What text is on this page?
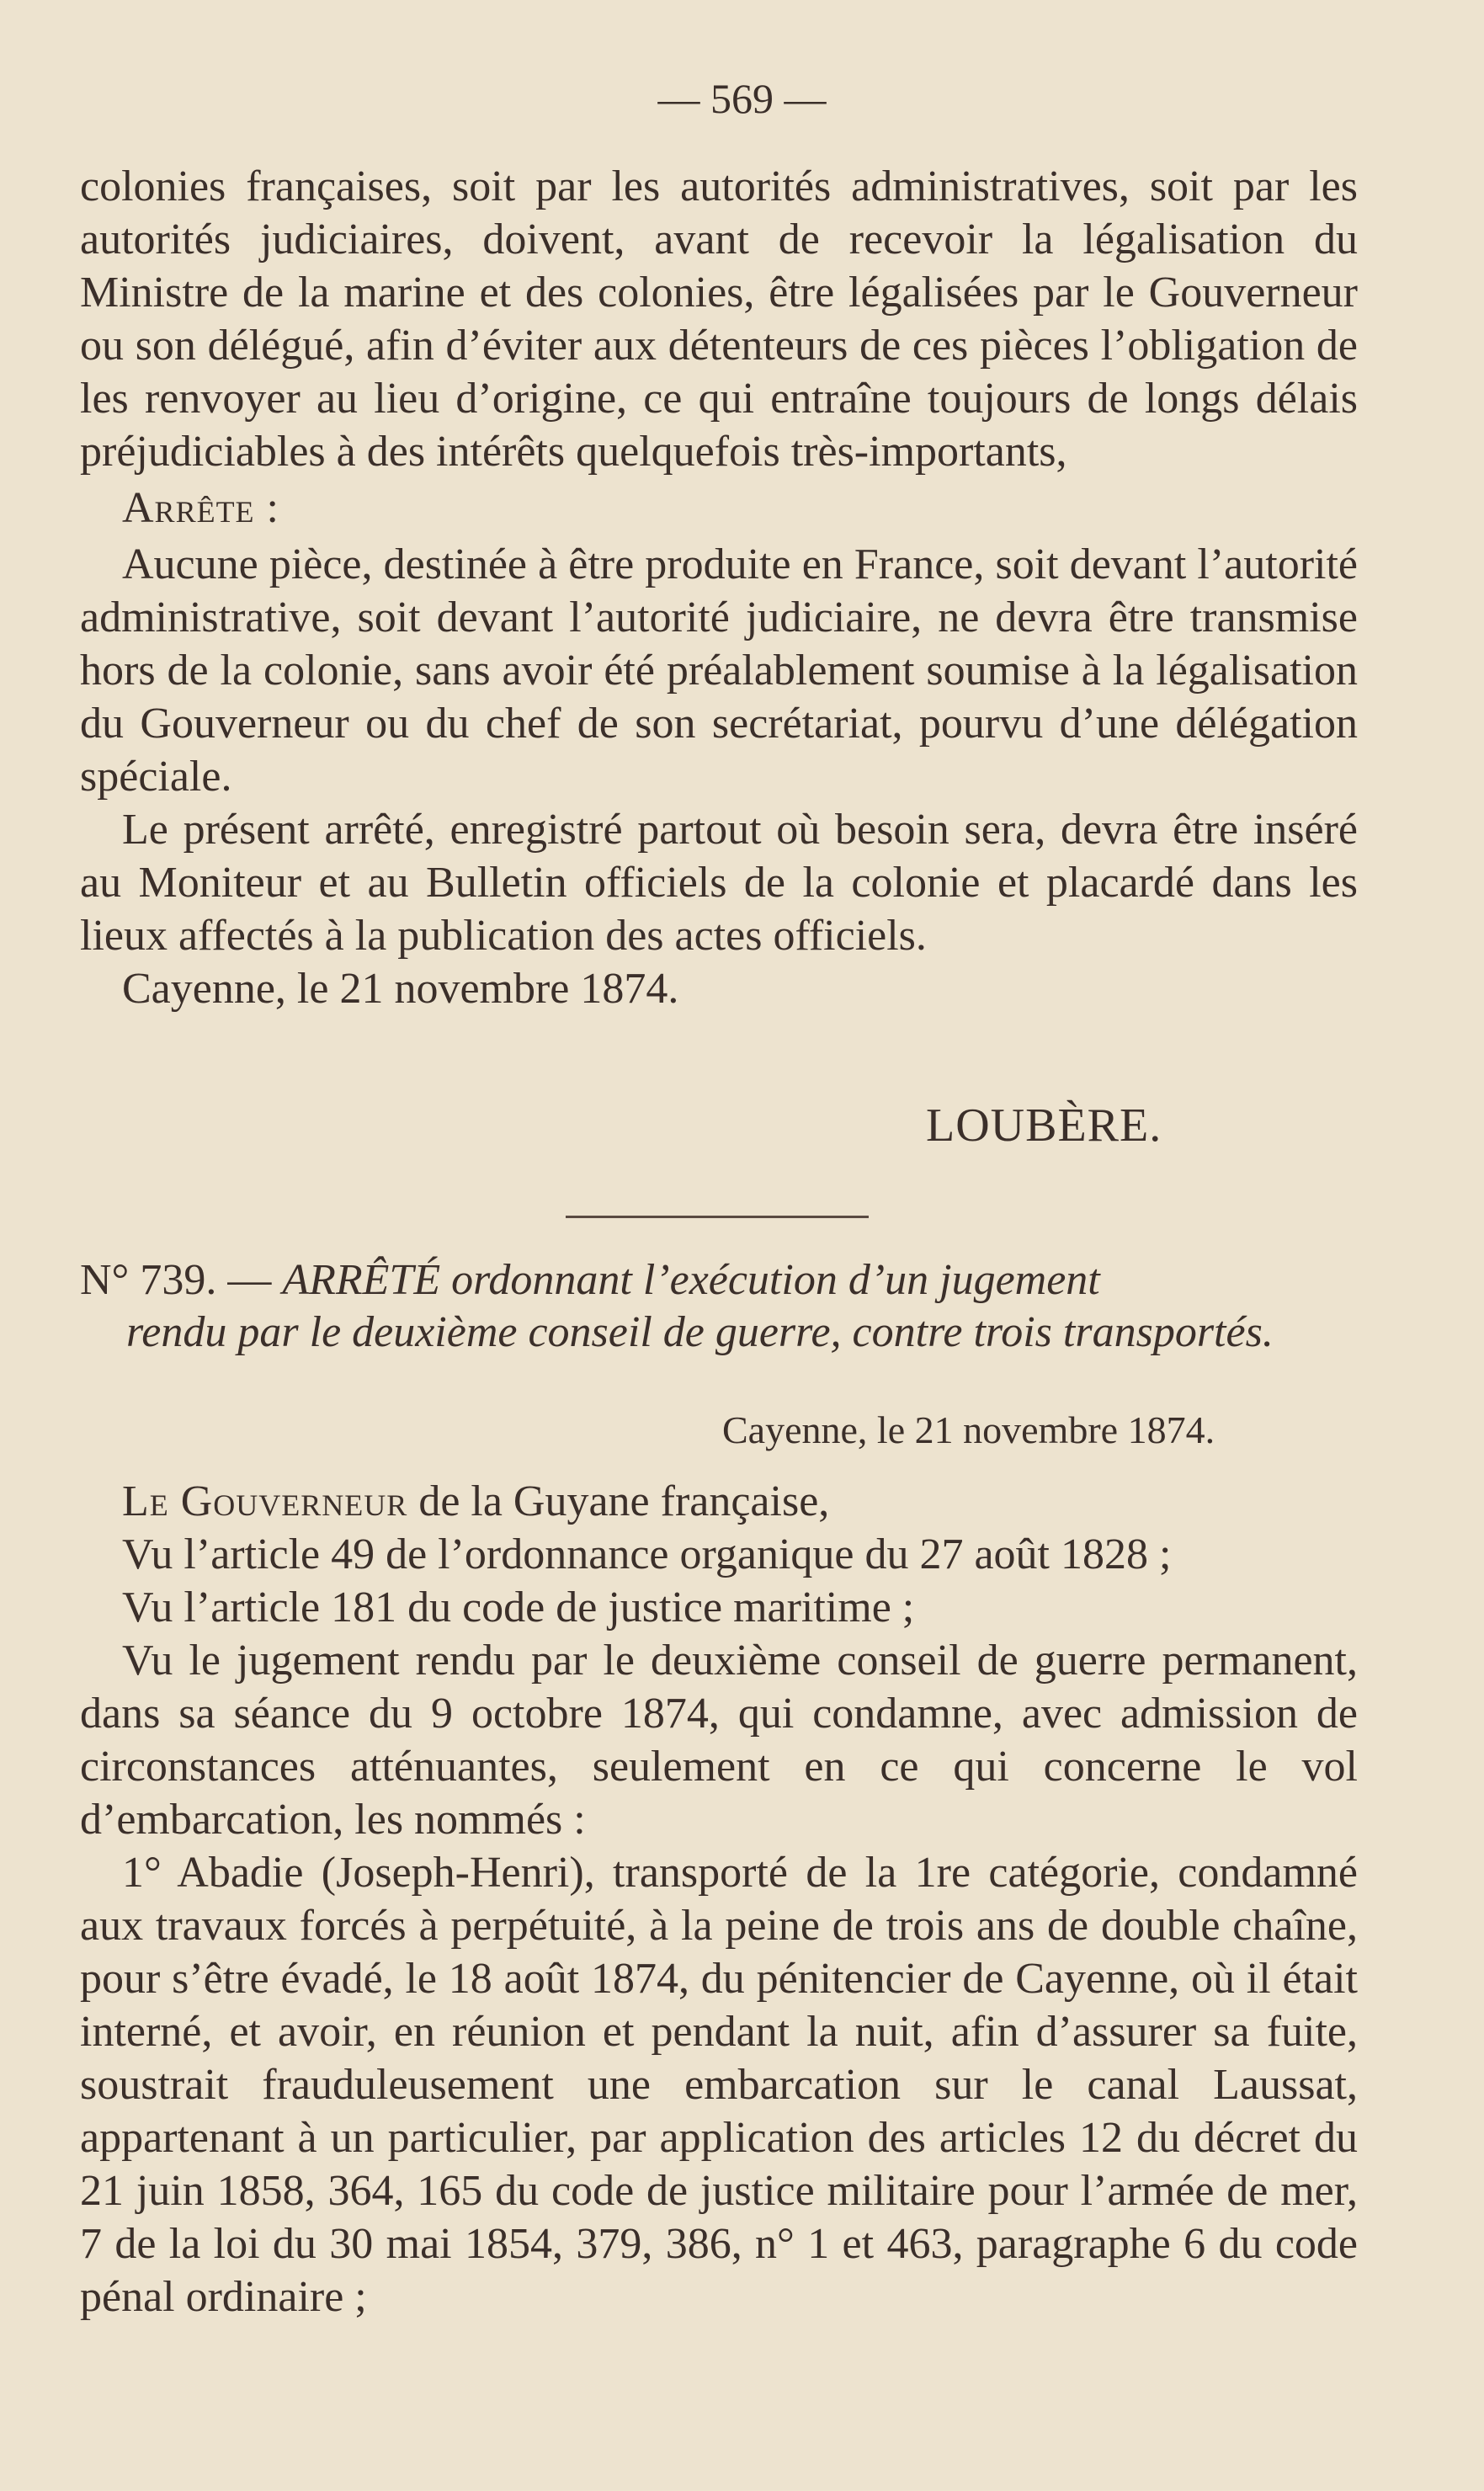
— 569 —
colonies françaises, soit par les autorités administratives, soit par les autorités judiciaires, doivent, avant de recevoir la légalisation du Ministre de la marine et des colonies, être légalisées par le Gouverneur ou son délégué, afin d’éviter aux détenteurs de ces pièces l’obligation de les renvoyer au lieu d’origine, ce qui entraîne toujours de longs délais préjudiciables à des intérêts quelquefois très-importants,
Arrête :
Aucune pièce, destinée à être produite en France, soit devant l’autorité administrative, soit devant l’autorité judiciaire, ne devra être transmise hors de la colonie, sans avoir été préalablement soumise à la légalisation du Gouverneur ou du chef de son secrétariat, pourvu d’une délégation spéciale.
Le présent arrêté, enregistré partout où besoin sera, devra être inséré au Moniteur et au Bulletin officiels de la colonie et placardé dans les lieux affectés à la publication des actes officiels.
Cayenne, le 21 novembre 1874.
LOUBÈRE.
N° 739. — ARRÊTÉ ordonnant l’exécution d’un jugement
rendu par le deuxième conseil de guerre, contre trois transportés.
Cayenne, le 21 novembre 1874.
Le Gouverneur de la Guyane française,
Vu l’article 49 de l’ordonnance organique du 27 août 1828 ;
Vu l’article 181 du code de justice maritime ;
Vu le jugement rendu par le deuxième conseil de guerre permanent, dans sa séance du 9 octobre 1874, qui condamne, avec admission de circonstances atténuantes, seulement en ce qui concerne le vol d’embarcation, les nommés :
1° Abadie (Joseph-Henri), transporté de la 1re catégorie, condamné aux travaux forcés à perpétuité, à la peine de trois ans de double chaîne, pour s’être évadé, le 18 août 1874, du pénitencier de Cayenne, où il était interné, et avoir, en réunion et pendant la nuit, afin d’assurer sa fuite, soustrait frauduleusement une embarcation sur le canal Laussat, appartenant à un particulier, par application des articles 12 du décret du 21 juin 1858, 364, 165 du code de justice militaire pour l’armée de mer, 7 de la loi du 30 mai 1854, 379, 386, n° 1 et 463, paragraphe 6 du code pénal ordinaire ;
